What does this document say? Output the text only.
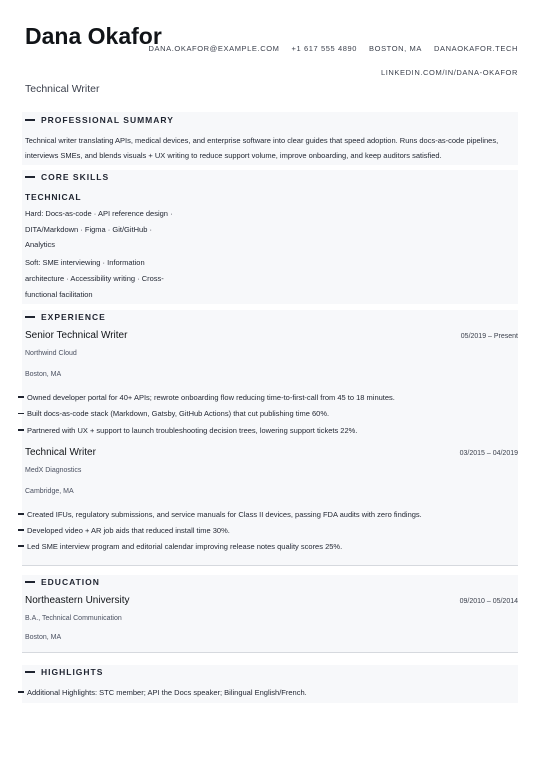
Dana Okafor
Technical Writer
DANA.OKAFOR@EXAMPLE.COM +1 617 555 4890 BOSTON, MA DANAOKAFOR.TECH
LINKEDIN.COM/IN/DANA-OKAFOR
PROFESSIONAL SUMMARY
Technical writer translating APIs, medical devices, and enterprise software into clear guides that speed adoption. Runs docs-as-code pipelines, interviews SMEs, and blends visuals + UX writing to reduce support volume, improve onboarding, and keep auditors satisfied.
CORE SKILLS
TECHNICAL
Hard: Docs-as-code · API reference design ·
DITA/Markdown · Figma · Git/GitHub ·
Analytics
Soft: SME interviewing · Information
architecture · Accessibility writing · Cross-
functional facilitation
EXPERIENCE
Senior Technical Writer	05/2019 – Present
Northwind Cloud
Boston, MA
Owned developer portal for 40+ APIs; rewrote onboarding flow reducing time-to-first-call from 45 to 18 minutes.
Built docs-as-code stack (Markdown, Gatsby, GitHub Actions) that cut publishing time 60%.
Partnered with UX + support to launch troubleshooting decision trees, lowering support tickets 22%.
Technical Writer	03/2015 – 04/2019
MedX Diagnostics
Cambridge, MA
Created IFUs, regulatory submissions, and service manuals for Class II devices, passing FDA audits with zero findings.
Developed video + AR job aids that reduced install time 30%.
Led SME interview program and editorial calendar improving release notes quality scores 25%.
EDUCATION
Northeastern University	09/2010 – 05/2014
B.A., Technical Communication
Boston, MA
HIGHLIGHTS
Additional Highlights: STC member; API the Docs speaker; Bilingual English/French.
